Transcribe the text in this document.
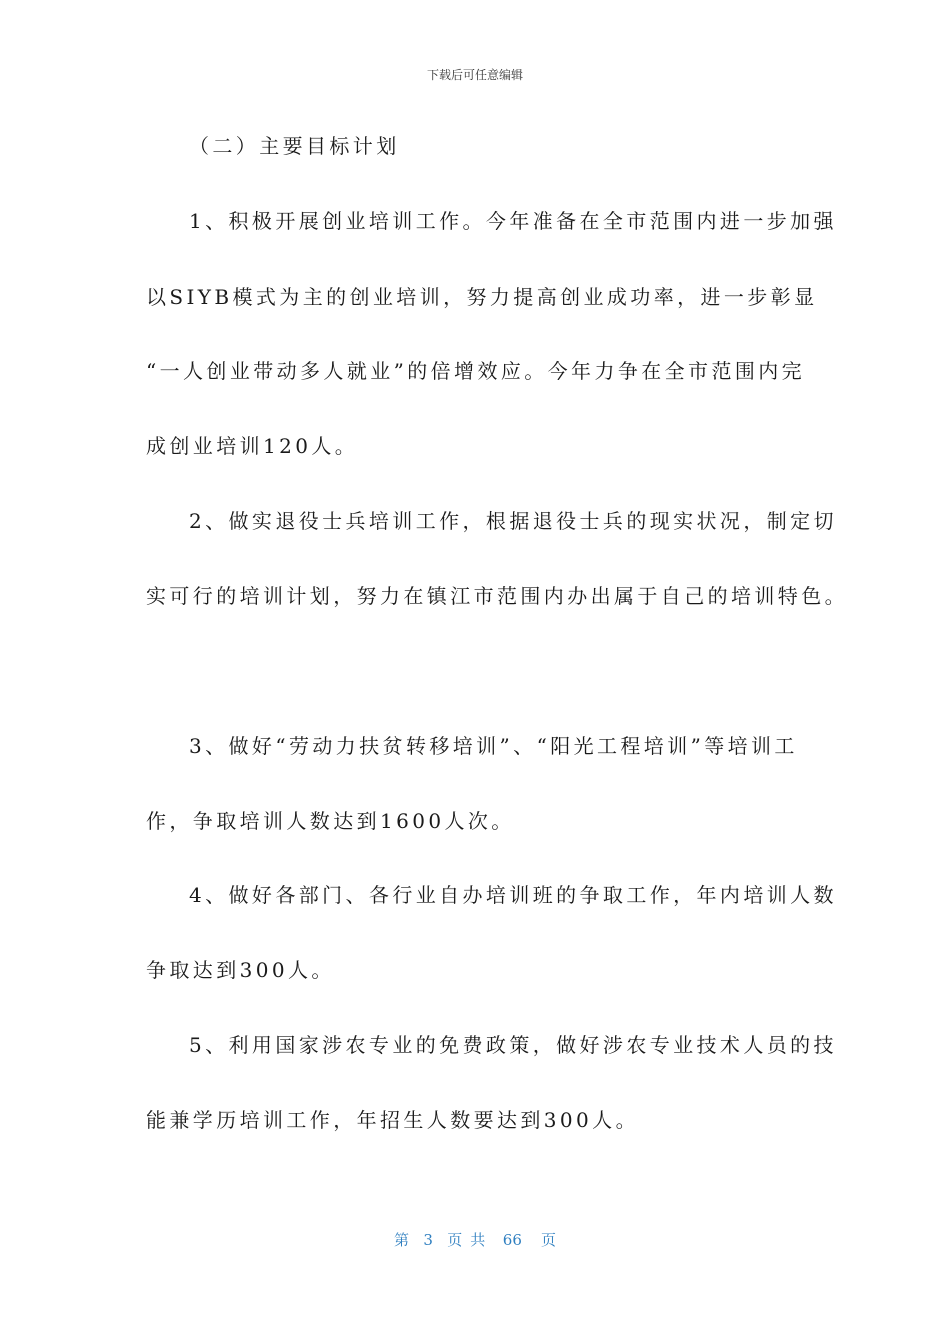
下载后可任意编辑
（二）主要目标计划
1、积极开展创业培训工作。今年准备在全市范围内进一步加强
以SIYB模式为主的创业培训，努力提高创业成功率，进一步彰显
“一人创业带动多人就业”的倍增效应。今年力争在全市范围内完
成创业培训120人。
2、做实退役士兵培训工作，根据退役士兵的现实状况，制定切
实可行的培训计划，努力在镇江市范围内办出属于自己的培训特色。
3、做好“劳动力扶贫转移培训”、“阳光工程培训”等培训工
作，争取培训人数达到1600人次。
4、做好各部门、各行业自办培训班的争取工作，年内培训人数
争取达到300人。
5、利用国家涉农专业的免费政策，做好涉农专业技术人员的技
能兼学历培训工作，年招生人数要达到300人。
第 3 页共 66 页
